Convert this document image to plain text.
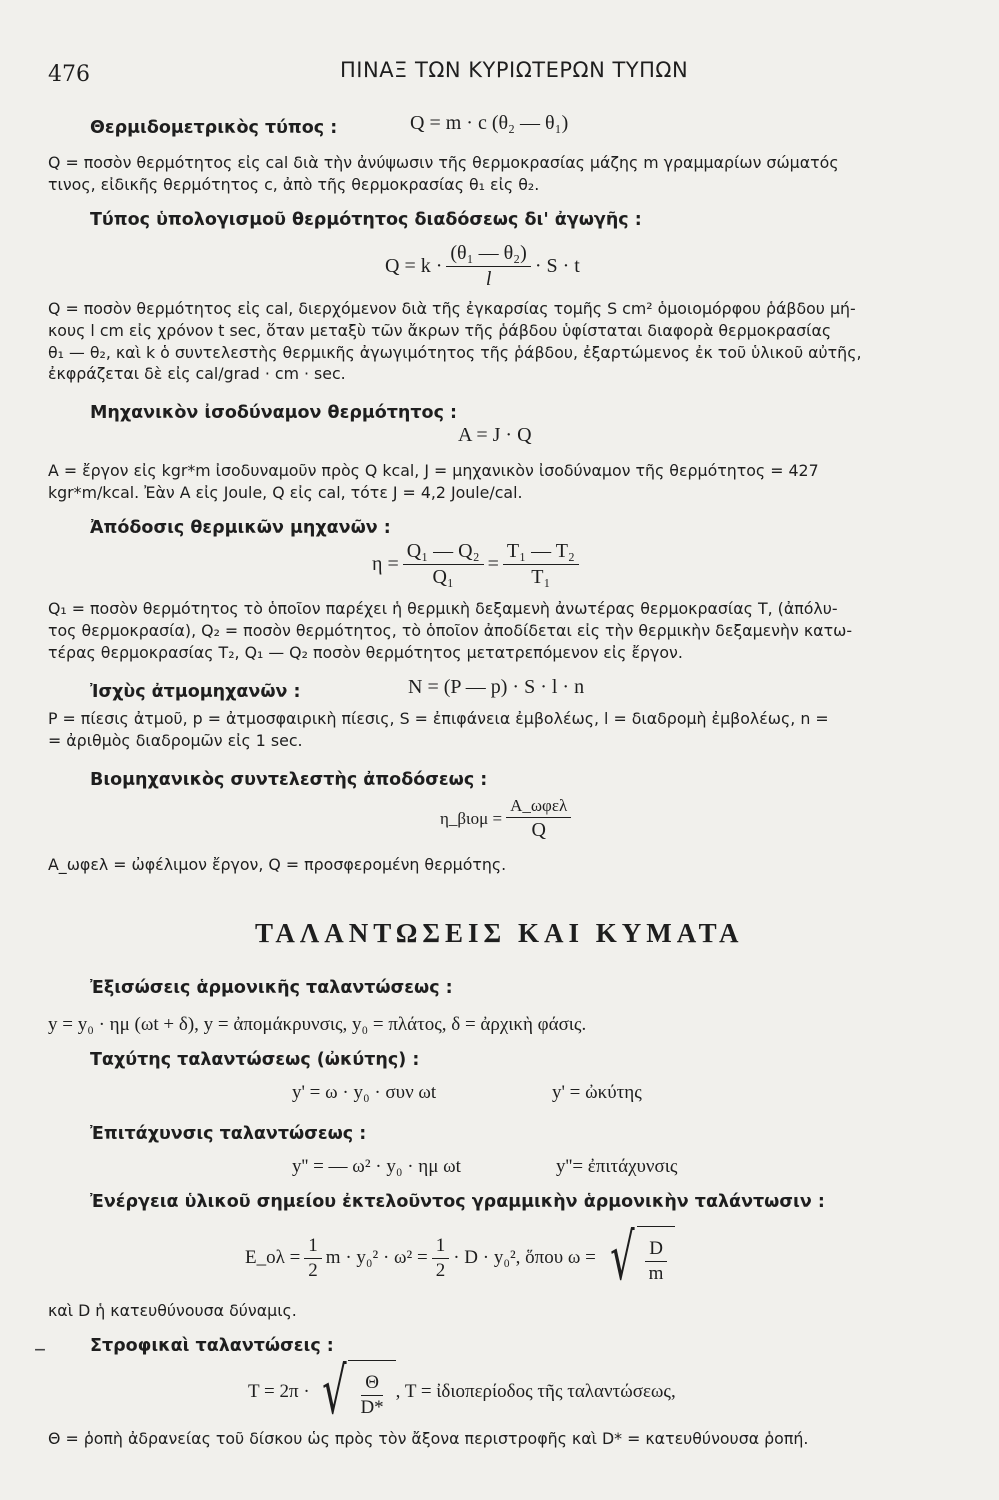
476	ΠΙΝΑΞ ΤΩΝ ΚΥΡΙΩΤΕΡΩΝ ΤΥΠΩΝ
Θερμιδομετρικὸς τύπος :	Q = m · c (θ₂ — θ₁)
Q = ποσὸν θερμότητος εἰς cal διὰ τὴν ἀνύψωσιν τῆς θερμοκρασίας μάζης m γραμμαρίων σώματός
τινος, εἰδικῆς θερμότητος c, ἀπὸ τῆς θερμοκρασίας θ₁ εἰς θ₂.
Τύπος ὑπολογισμοῦ θερμότητος διαδόσεως δι' ἀγωγῆς :
$Q = k \cdot \frac{\text{(θ₁ — θ₂)}}{l} \cdot S \cdot t$
Q = ποσὸν θερμότητος εἰς cal, διερχόμενον διὰ τῆς ἐγκαρσίας τομῆς S cm² ὁμοιομόρφου ῥάβδου μή-
κους l cm εἰς χρόνον t sec, ὅταν μεταξὺ τῶν ἄκρων τῆς ῥάβδου ὑφίσταται διαφορὰ θερμοκρασίας
θ₁ — θ₂, καὶ k ὁ συντελεστὴς θερμικῆς ἀγωγιμότητος τῆς ῥάβδου, ἐξαρτώμενος ἐκ τοῦ ὑλικοῦ αὐτῆς,
ἐκφράζεται δὲ εἰς cal/grad · cm · sec.
Μηχανικὸν ἰσοδύναμον θερμότητος :
A = J · Q
A = ἔργον εἰς kgr*m ἰσοδυναμοῦν πρὸς Q kcal, J = μηχανικὸν ἰσοδύναμον τῆς θερμότητος = 427
kgr*m/kcal. Ἐὰν A εἰς Joule, Q εἰς cal, τότε J = 4,2 Joule/cal.
Ἀπόδοσις θερμικῶν μηχανῶν :
$\eta = \frac{\text{Q₁ — Q₂}}{\text{Q₁}} = \frac{\text{T₁ — T₂}}{\text{T₁}}$
Q₁ = ποσὸν θερμότητος τὸ ὁποῖον παρέχει ἡ θερμικὴ δεξαμενὴ ἀνωτέρας θερμοκρασίας T, (ἀπόλυ-
τος θερμοκρασία), Q₂ = ποσὸν θερμότητος, τὸ ὁποῖον ἀποδίδεται εἰς τὴν θερμικὴν δεξαμενὴν κατω-
τέρας θερμοκρασίας T₂, Q₁ — Q₂ ποσὸν θερμότητος μετατρεπόμενον εἰς ἔργον.
Ἰσχὺς ἀτμομηχανῶν :	N = (P — p) · S · l · n
P = πίεσις ἀτμοῦ, p = ἀτμοσφαιρικὴ πίεσις, S = ἐπιφάνεια ἐμβολέως, l = διαδρομὴ ἐμβολέως, n =
= ἀριθμὸς διαδρομῶν εἰς 1 sec.
Βιομηχανικὸς συντελεστὴς ἀποδόσεως :
η_βιομ = $\frac{\text{A\_ωφελ}}{Q}$
A_ωφελ = ὠφέλιμον ἔργον, Q = προσφερομένη θερμότης.
ΤΑΛΑΝΤΩΣΕΙΣ ΚΑΙ ΚΥΜΑΤΑ
Ἐξισώσεις ἁρμονικῆς ταλαντώσεως :
y = y₀ · ημ (ωt + δ), y = ἀπομάκρυνσις, y₀ = πλάτος, δ = ἀρχικὴ φάσις.
Ταχύτης ταλαντώσεως (ὠκύτης) :
y' = ω · y₀ · συν ωt	y' = ὠκύτης
Ἐπιτάχυνσις ταλαντώσεως :
y'' = — ω² · y₀ · ημ ωt	y''= ἐπιτάχυνσις
Ἐνέργεια ὑλικοῦ σημείου ἐκτελοῦντος γραμμικὴν ἁρμονικὴν ταλάντωσιν :
E_ολ = $\frac{1}{2}$ $m \cdot y_0^2 \cdot \omega^2 = \frac{1}{2} \cdot D \cdot y_0^2$, ὅπου ω = √ $\frac{D}{m}$
καὶ D ἡ κατευθύνουσα δύναμις.
–	Στροφικαὶ ταλαντώσεις :
T = 2π · √ $\frac{\Theta}{D*}$ , T = ἰδιοπερίοδος τῆς ταλαντώσεως,
Θ = ῥοπὴ ἀδρανείας τοῦ δίσκου ὡς πρὸς τὸν ἄξονα περιστροφῆς καὶ D* = κατευθύνουσα ῥοπή.
